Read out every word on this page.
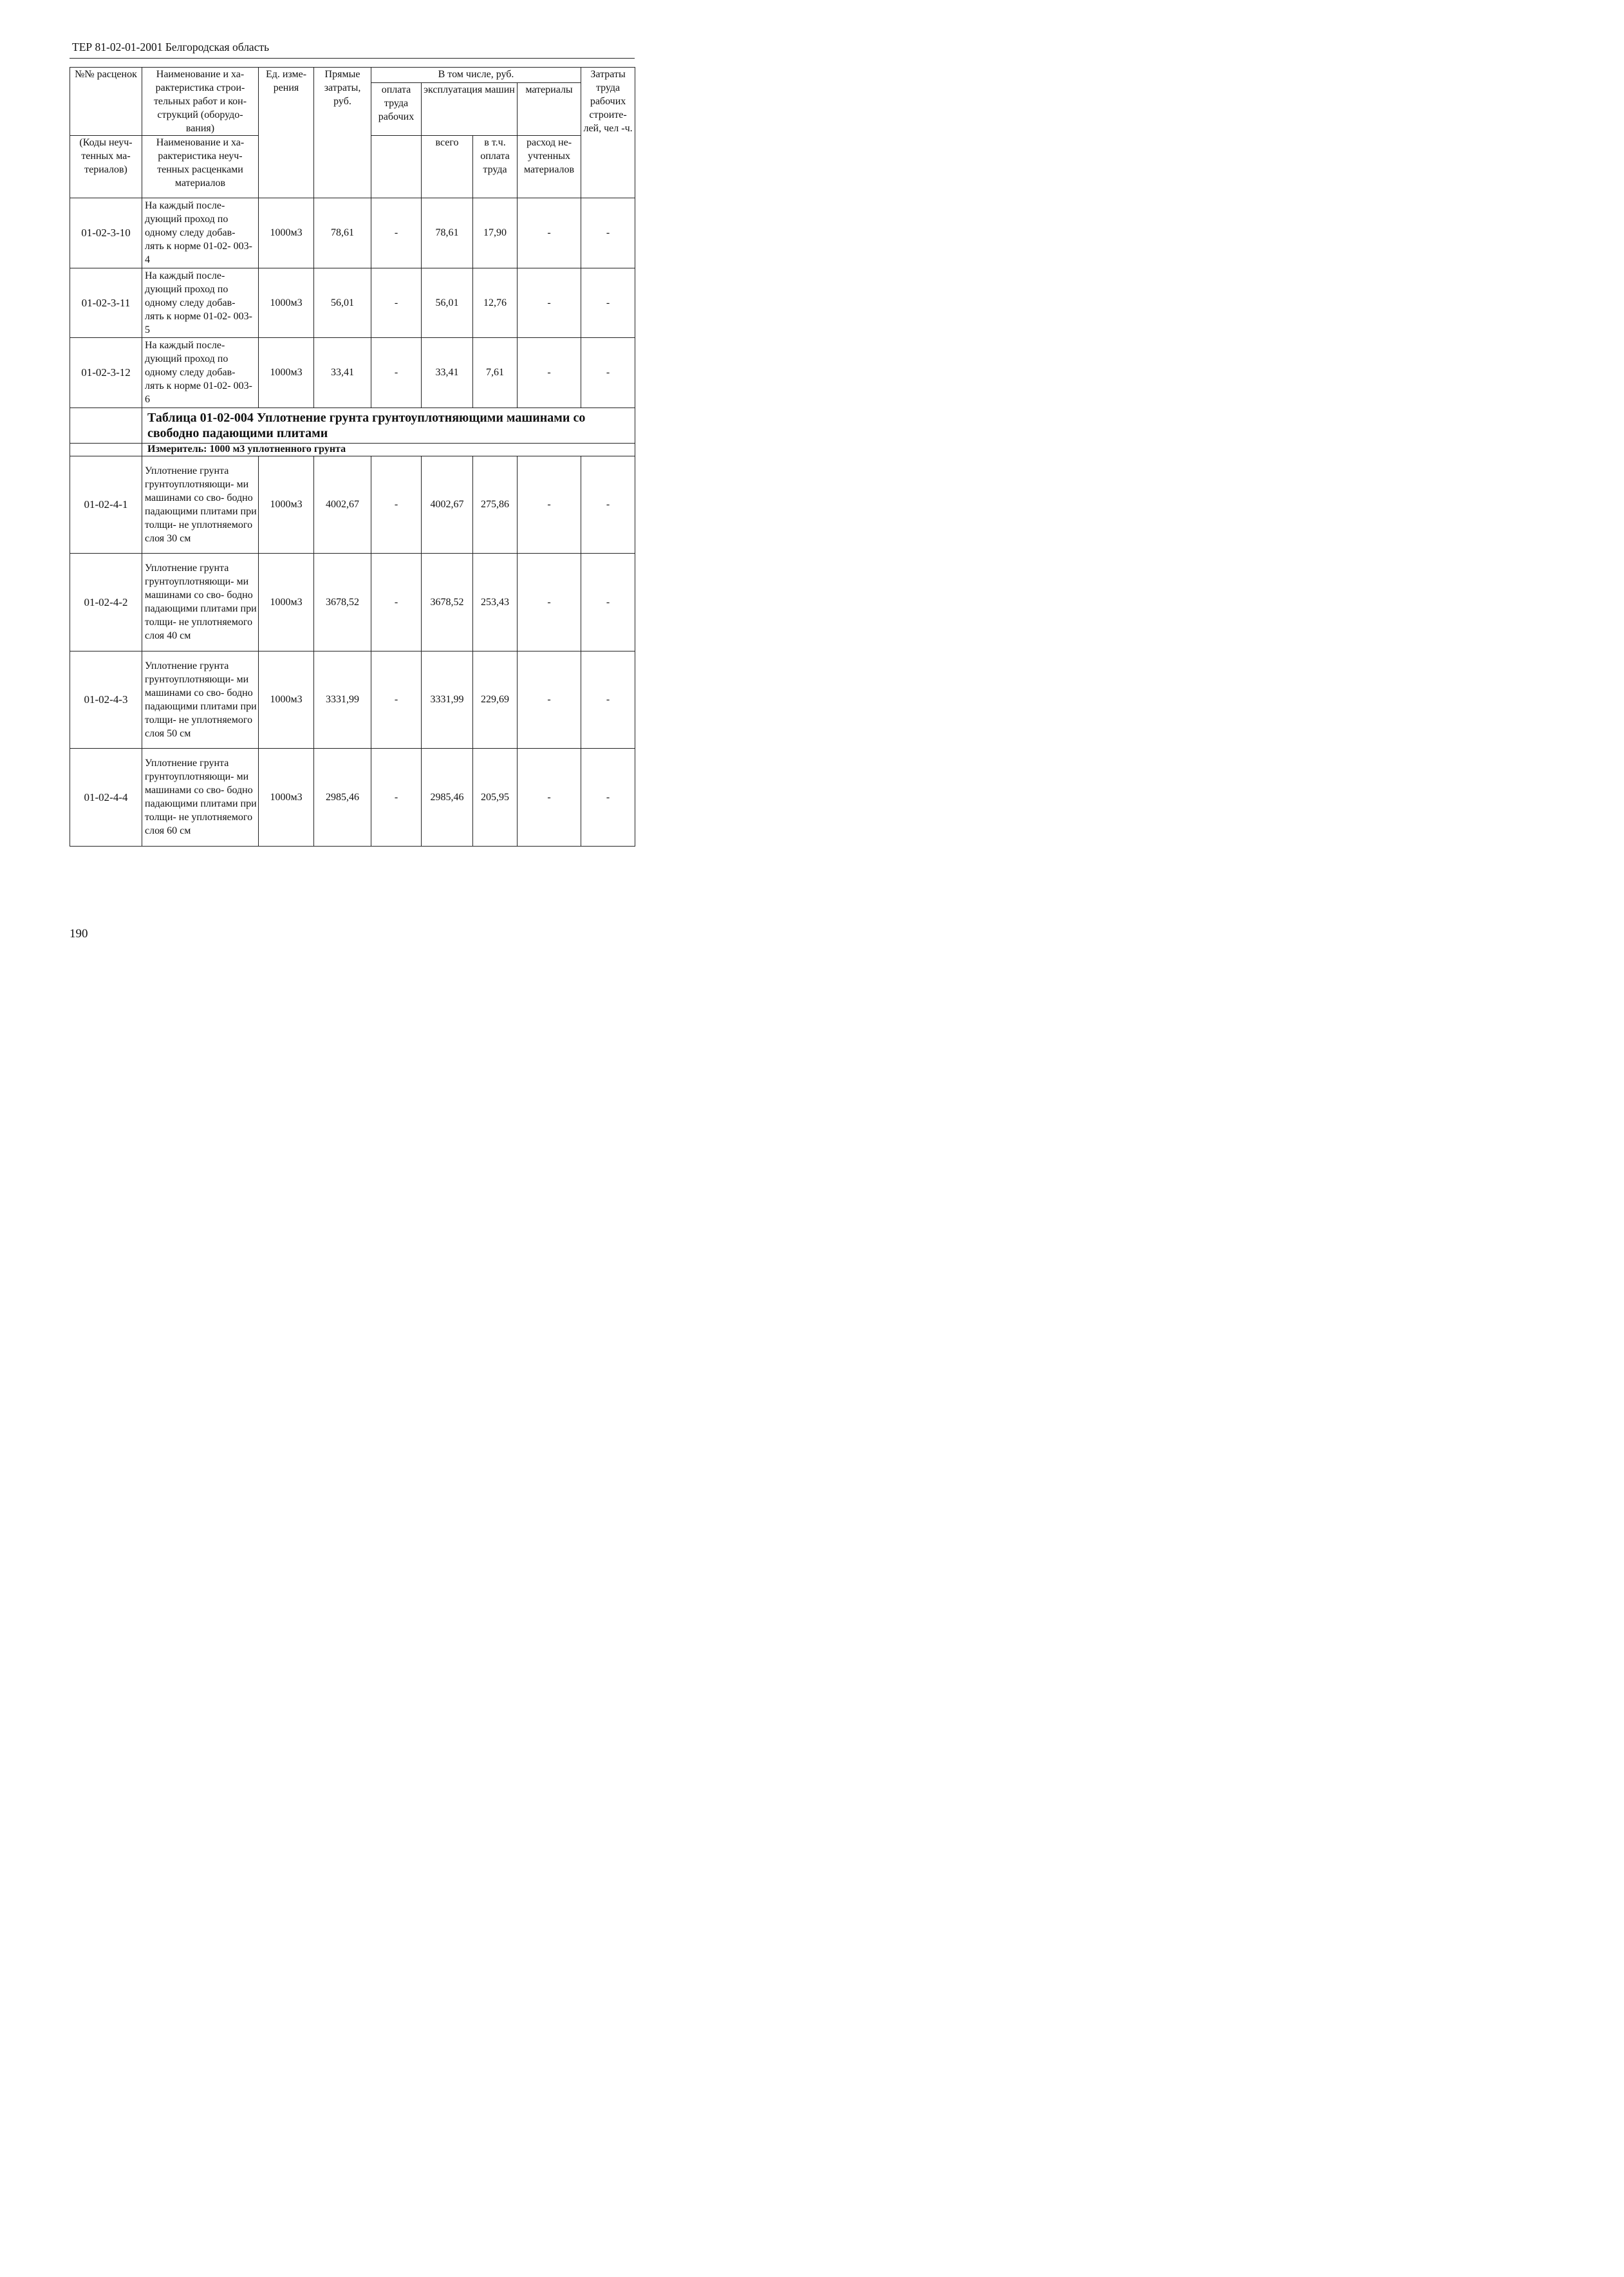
ТЕР 81-02-01-2001 Белгородская область
№№ расценок	Наименование и ха- рактеристика строи- тельных работ и кон- струкций (оборудо- вания)	Ед. изме- рения	Прямые затраты, руб.	В том числе, руб.				Затраты труда рабочих строите- лей, чел -ч.
				оплата труда рабочих	эксплуатация машин		материалы	

(Коды неуч- тенных ма- териалов)	Наименование и ха- рактеристика неуч- тенных расценками материалов				всего	в т.ч. оплата труда	расход не- учтенных материалов	

01-02-3-10	На каждый после- дующий проход по одному следу добав- лять к норме 01-02- 003-4	1000м3	78,61	-	78,61	17,90	-	-
01-02-3-11	На каждый после- дующий проход по одному следу добав- лять к норме 01-02- 003-5	1000м3	56,01	-	56,01	12,76	-	-
01-02-3-12	На каждый после- дующий проход по одному следу добав- лять к норме 01-02- 003-6	1000м3	33,41	-	33,41	7,61	-	-
	Таблица 01-02-004 Уплотнение грунта грунтоуплотняющими машинами со свободно падающими плитами							
	Измеритель: 1000 м3 уплотненного грунта							
01-02-4-1	Уплотнение грунта грунтоуплотняющи- ми машинами со сво- бодно падающими плитами при толщи- не уплотняемого слоя 30 см	1000м3	4002,67	-	4002,67	275,86	-	-
01-02-4-2	Уплотнение грунта грунтоуплотняющи- ми машинами со сво- бодно падающими плитами при толщи- не уплотняемого слоя 40 см	1000м3	3678,52	-	3678,52	253,43	-	-
01-02-4-3	Уплотнение грунта грунтоуплотняющи- ми машинами со сво- бодно падающими плитами при толщи- не уплотняемого слоя 50 см	1000м3	3331,99	-	3331,99	229,69	-	-
01-02-4-4	Уплотнение грунта грунтоуплотняющи- ми машинами со сво- бодно падающими плитами при толщи- не уплотняемого слоя 60 см	1000м3	2985,46	-	2985,46	205,95	-	-
190
